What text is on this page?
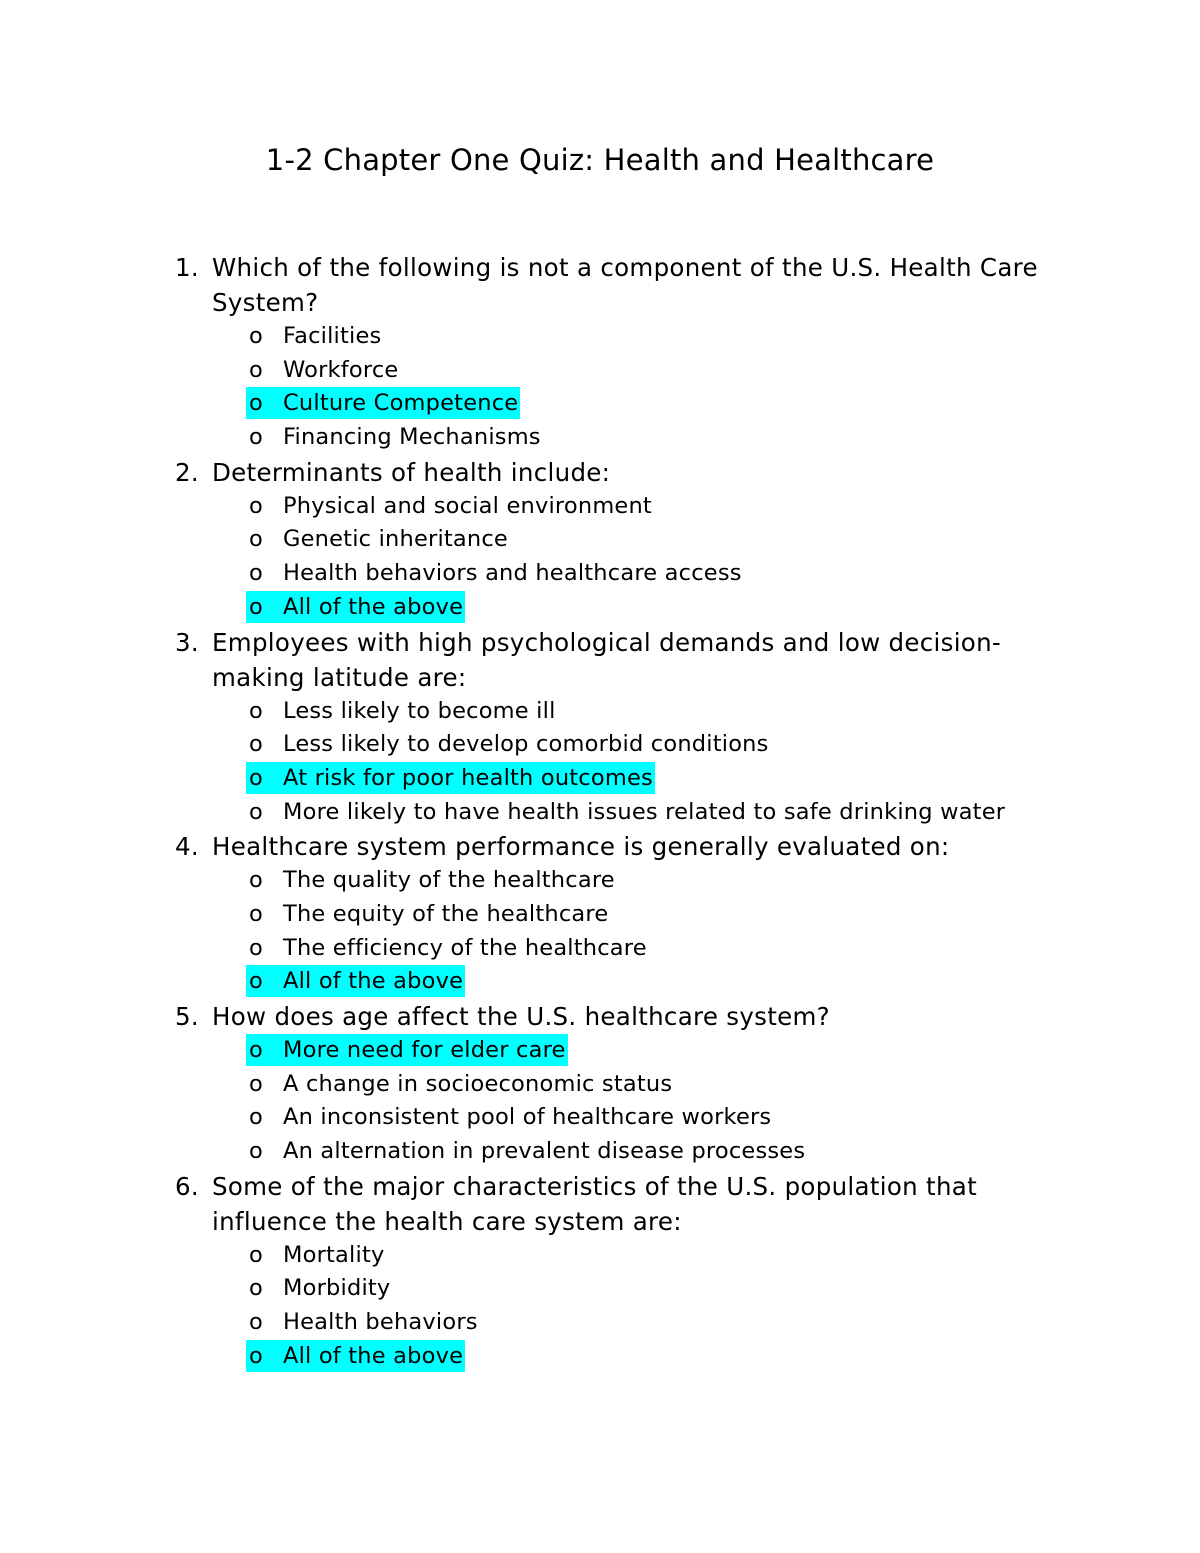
1-2 Chapter One Quiz: Health and Healthcare
1. Which of the following is not a component of the U.S. Health Care System?
o Facilities
o Workforce
o Culture Competence
o Financing Mechanisms
2. Determinants of health include:
o Physical and social environment
o Genetic inheritance
o Health behaviors and healthcare access
o All of the above
3. Employees with high psychological demands and low decision-making latitude are:
o Less likely to become ill
o Less likely to develop comorbid conditions
o At risk for poor health outcomes
o More likely to have health issues related to safe drinking water
4. Healthcare system performance is generally evaluated on:
o The quality of the healthcare
o The equity of the healthcare
o The efficiency of the healthcare
o All of the above
5. How does age affect the U.S. healthcare system?
o More need for elder care
o A change in socioeconomic status
o An inconsistent pool of healthcare workers
o An alternation in prevalent disease processes
6. Some of the major characteristics of the U.S. population that influence the health care system are:
o Mortality
o Morbidity
o Health behaviors
o All of the above
